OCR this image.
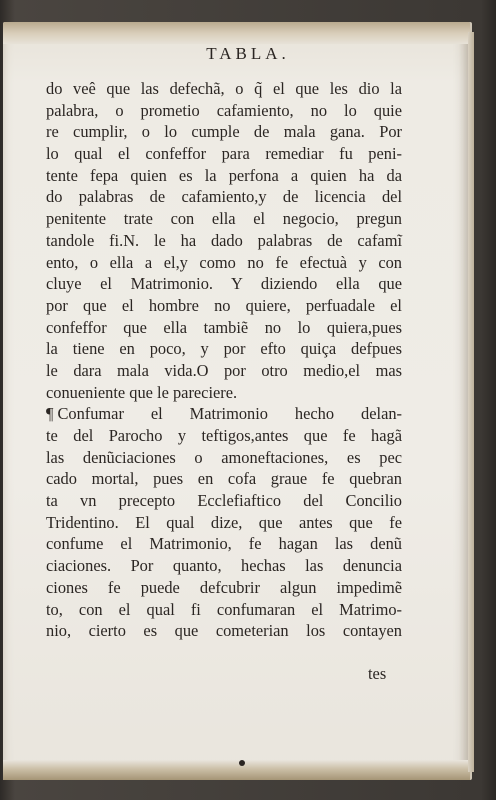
TABLA.
do veê que las defechã, o q̃ el que les dio la
palabra, o prometio cafamiento, no lo quie
re cumplir, o lo cumple de mala gana. Por
lo qual el confeffor para remediar fu peni-
tente fepa quien es la perfona a quien ha da
do palabras de cafamiento,y de licencia del
penitente trate con ella el negocio, pregun
tandole fi.N. le ha dado palabras de cafamĩ
ento, o ella a el,y como no fe efectuà y con
cluye el Matrimonio. Y diziendo ella que
por que el hombre no quiere, perfuadale el
confeffor que ella tambiẽ no lo quiera,pues
la tiene en poco, y por efto quiça defpues
le dara mala vida.O por otro medio,el mas
conueniente que le pareciere.
¶ Confumar el Matrimonio hecho delan-
te del Parocho y teftigos,antes que fe hagã
las denũciaciones o amoneftaciones, es pec
cado mortal, pues en cofa graue fe quebran
ta vn precepto Ecclefiaftico del Concilio
Tridentino. El qual dize, que antes que fe
confume el Matrimonio, fe hagan las denũ
ciaciones. Por quanto, hechas las denuncia
ciones fe puede defcubrir algun impedimẽ
to, con el qual fi confumaran el Matrimo-
nio, cierto es que cometerian los contayen
tes
